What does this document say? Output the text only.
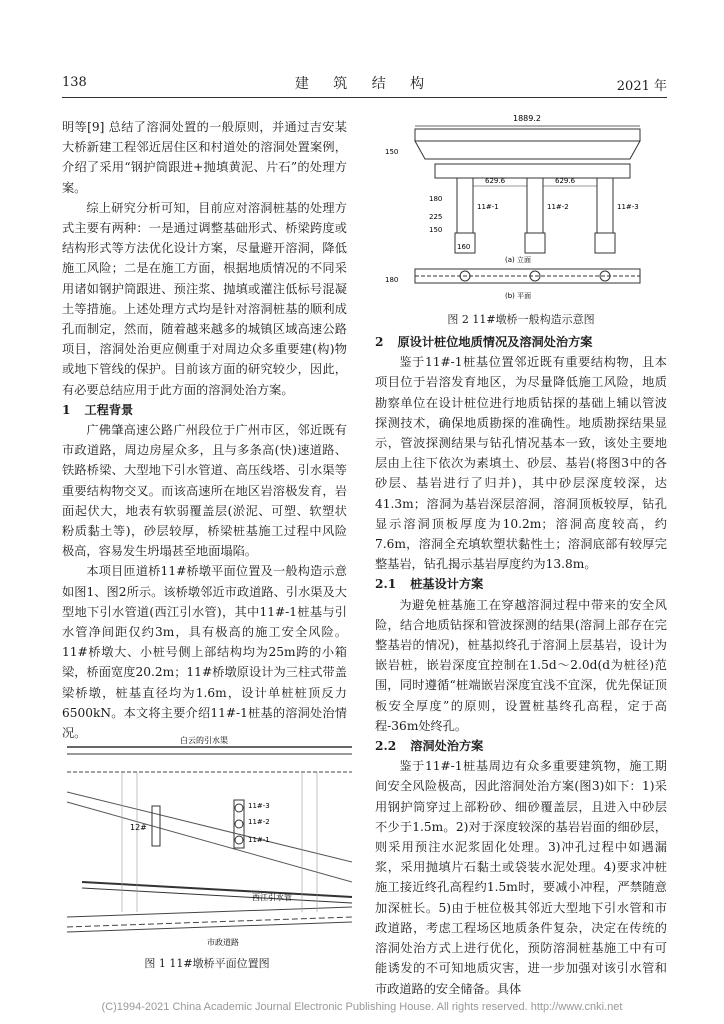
138	建 筑 结 构	2021 年

明等[9] 总结了溶洞处置的一般原则，并通过吉安某大桥新建工程邻近居住区和村道处的溶洞处置案例，介绍了采用“钢护筒跟进+抛填黄泥、片石”的处理方案。

综上研究分析可知，目前应对溶洞桩基的处理方式主要有两种：一是通过调整基础形式、桥梁跨度或结构形式等方法优化设计方案，尽量避开溶洞，降低施工风险；二是在施工方面，根据地质情况的不同采用诸如钢护筒跟进、预注浆、抛填或灌注低标号混凝土等措施。上述处理方式均是针对溶洞桩基的顺利成孔而制定，然而，随着越来越多的城镇区域高速公路项目，溶洞处治更应侧重于对周边众多重要建(构)物或地下管线的保护。目前该方面的研究较少，因此，有必要总结应用于此方面的溶洞处治方案。

1 工程背景

广佛肇高速公路广州段位于广州市区，邻近既有市政道路，周边房屋众多，且与多条高(快)速道路、铁路桥梁、大型地下引水管道、高压线塔、引水渠等重要结构物交叉。而该高速所在地区岩溶极发育，岩面起伏大，地表有软弱覆盖层(淤泥、可塑、软塑状粉质黏土等)，砂层较厚，桥梁桩基施工过程中风险极高，容易发生坍塌甚至地面塌陷。

本项目匝道桥11#桥墩平面位置及一般构造示意如图1、图2所示。该桥墩邻近市政道路、引水渠及大型地下引水管道(西江引水管)，其中11#-1桩基与引水管净间距仅约3m，具有极高的施工安全风险。11#桥墩大、小桩号侧上部结构均为25m跨的小箱梁，桥面宽度20.2m；11#桥墩原设计为三柱式带盖梁桥墩，桩基直径均为1.6m，设计单桩桩顶反力6500kN。本文将主要介绍11#-1桩基的溶洞处治情况。

白云的引水渠
11#-3
11#-2
11#-1
12#
西江引水管
市政道路
图 1 11#墩桥平面位置图
1889.2
150
629.6	629.6
11#-1	11#-2	11#-3
180
225
150
160
(a) 立面
180
(b) 平面
图 2 11#墩桥一般构造示意图

2 原设计桩位地质情况及溶洞处治方案

鉴于11#-1桩基位置邻近既有重要结构物，且本项目位于岩溶发育地区，为尽量降低施工风险，地质勘察单位在设计桩位进行地质钻探的基础上辅以管波探测技术，确保地质勘探的准确性。地质勘探结果显示，管波探测结果与钻孔情况基本一致，该处主要地层由上往下依次为素填土、砂层、基岩(将图3中的各砂层、基岩进行了归并)，其中砂层深度较深，达41.3m；溶洞为基岩深层溶洞，溶洞顶板较厚，钻孔显示溶洞顶板厚度为10.2m；溶洞高度较高，约7.6m，溶洞全充填软塑状黏性土；溶洞底部有较厚完整基岩，钻孔揭示基岩厚度约为13.8m。

2.1 桩基设计方案

为避免桩基施工在穿越溶洞过程中带来的安全风险，结合地质钻探和管波探测的结果(溶洞上部存在完整基岩的情况)，桩基拟终孔于溶洞上层基岩，设计为嵌岩桩，嵌岩深度宜控制在1.5d～2.0d(d为桩径)范围，同时遵循“桩端嵌岩深度宜浅不宜深，优先保证顶板安全厚度”的原则，设置桩基终孔高程，定于高程-36m处终孔。

2.2 溶洞处治方案

鉴于11#-1桩基周边有众多重要建筑物，施工期间安全风险极高，因此溶洞处治方案(图3)如下：1)采用钢护筒穿过上部粉砂、细砂覆盖层，且进入中砂层不少于1.5m。2)对于深度较深的基岩岩面的细砂层，则采用预注水泥浆固化处理。3)冲孔过程中如遇漏浆，采用抛填片石黏土或袋装水泥处理。4)要求冲桩施工接近终孔高程约1.5m时，要减小冲程，严禁随意加深桩长。5)由于桩位极其邻近大型地下引水管和市政道路，考虑工程场区地质条件复杂，决定在传统的溶洞处治方式上进行优化，预防溶洞桩基施工中有可能诱发的不可知地质灾害，进一步加强对该引水管和市政道路的安全储备。具体

(C)1994-2021 China Academic Journal Electronic Publishing House. All rights reserved. http://www.cnki.net
